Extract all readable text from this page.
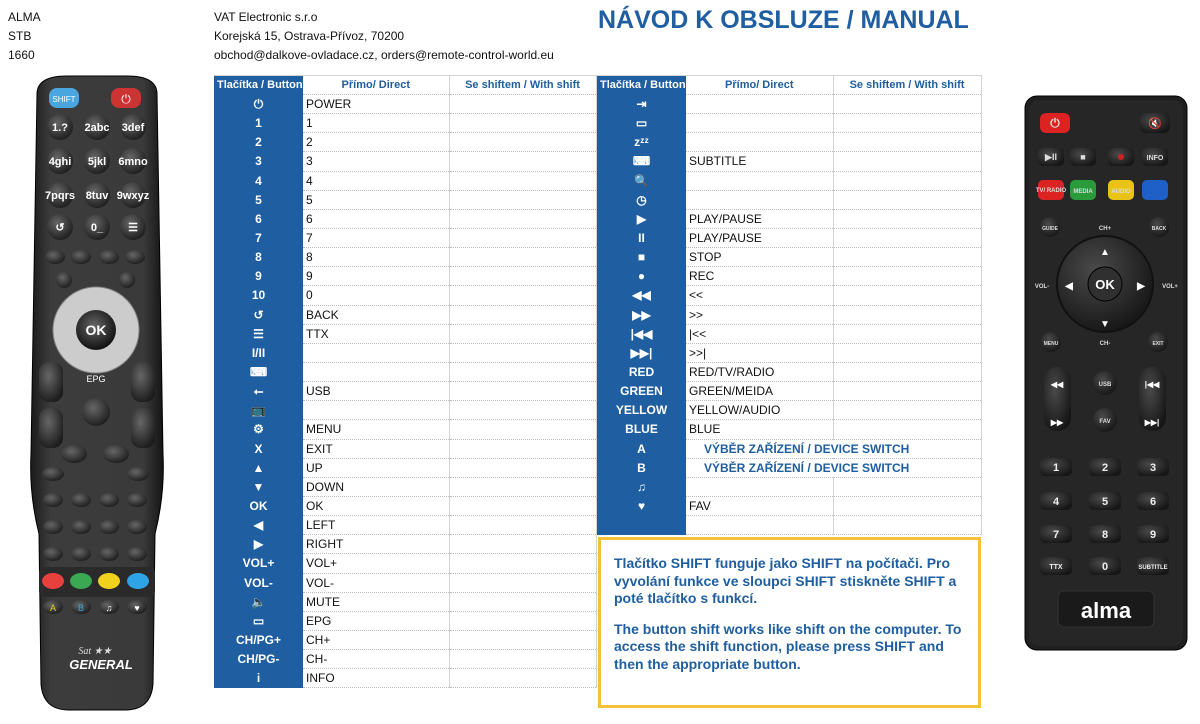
ALMA
STB
1660
VAT Electronic s.r.o
Korejská 15, Ostrava-Přívoz, 70200
obchod@dalkove-ovladace.cz, orders@remote-control-world.eu
NÁVOD K OBSLUZE / MANUAL
SHIFT	⏻
1.? 2abc 3def
4ghi 5jkl 6mno
7pqrs 8tuv 9wxyz
↺ 0_ ☰
OK
EPG
A B ♫ ♥
Sat ★★
GENERAL
Tlačítka / Button	Přímo/ Direct	Se shiftem / With shift
⏻	POWER	
1	1	
2	2	
3	3	
4	4	
5	5	
6	6	
7	7	
8	8	
9	9	
10	0	
↺	BACK	
☰	TTX	
I/II		
⌨		
⭠	USB	
📺		
⚙	MENU	
X	EXIT	
▲	UP	
▼	DOWN	
OK	OK	
◀	LEFT	
▶	RIGHT	
VOL+	VOL+	
VOL-	VOL-	
🔈	MUTE	
▭	EPG	
CH/PG+	CH+	
CH/PG-	CH-	
i	INFO	
Tlačítka / Button	Přímo/ Direct	Se shiftem / With shift
⇥		
▭		
zᶻᶻ		
⌨	SUBTITLE	
🔍		
◷		
▶	PLAY/PAUSE	
II	PLAY/PAUSE	
■	STOP	
●	REC	
◀◀	<<	
▶▶	>>	
|◀◀	|<<	
▶▶|	>>|	
RED	RED/TV/RADIO	
GREEN	GREEN/MEIDA	
YELLOW	YELLOW/AUDIO	
BLUE	BLUE	
A	VÝBĚR ZAŘÍZENÍ / DEVICE SWITCH	
B	VÝBĚR ZAŘÍZENÍ / DEVICE SWITCH	
♫		
♥	FAV	

Tlačítko SHIFT funguje jako SHIFT na počítači. Pro vyvolání funkce ve sloupci SHIFT stiskněte SHIFT a poté tlačítko s funkcí.

The button shift works like shift on the computer. To access the shift function, please press SHIFT and then the appropriate button.

⏻	🔇
▶II	■	INFO
TV/ RADIO MEDIA	AUDIO
GUIDE	BACK
OK
▲
▼
◀	▶
CH+
CH-
VOL-	VOL+
MENU	EXIT
◀◀
▶▶
|◀◀
▶▶|
USB
FAV
1	2	3
4	5	6
7	8	9
TTX	0	SUBTITLE
alma
